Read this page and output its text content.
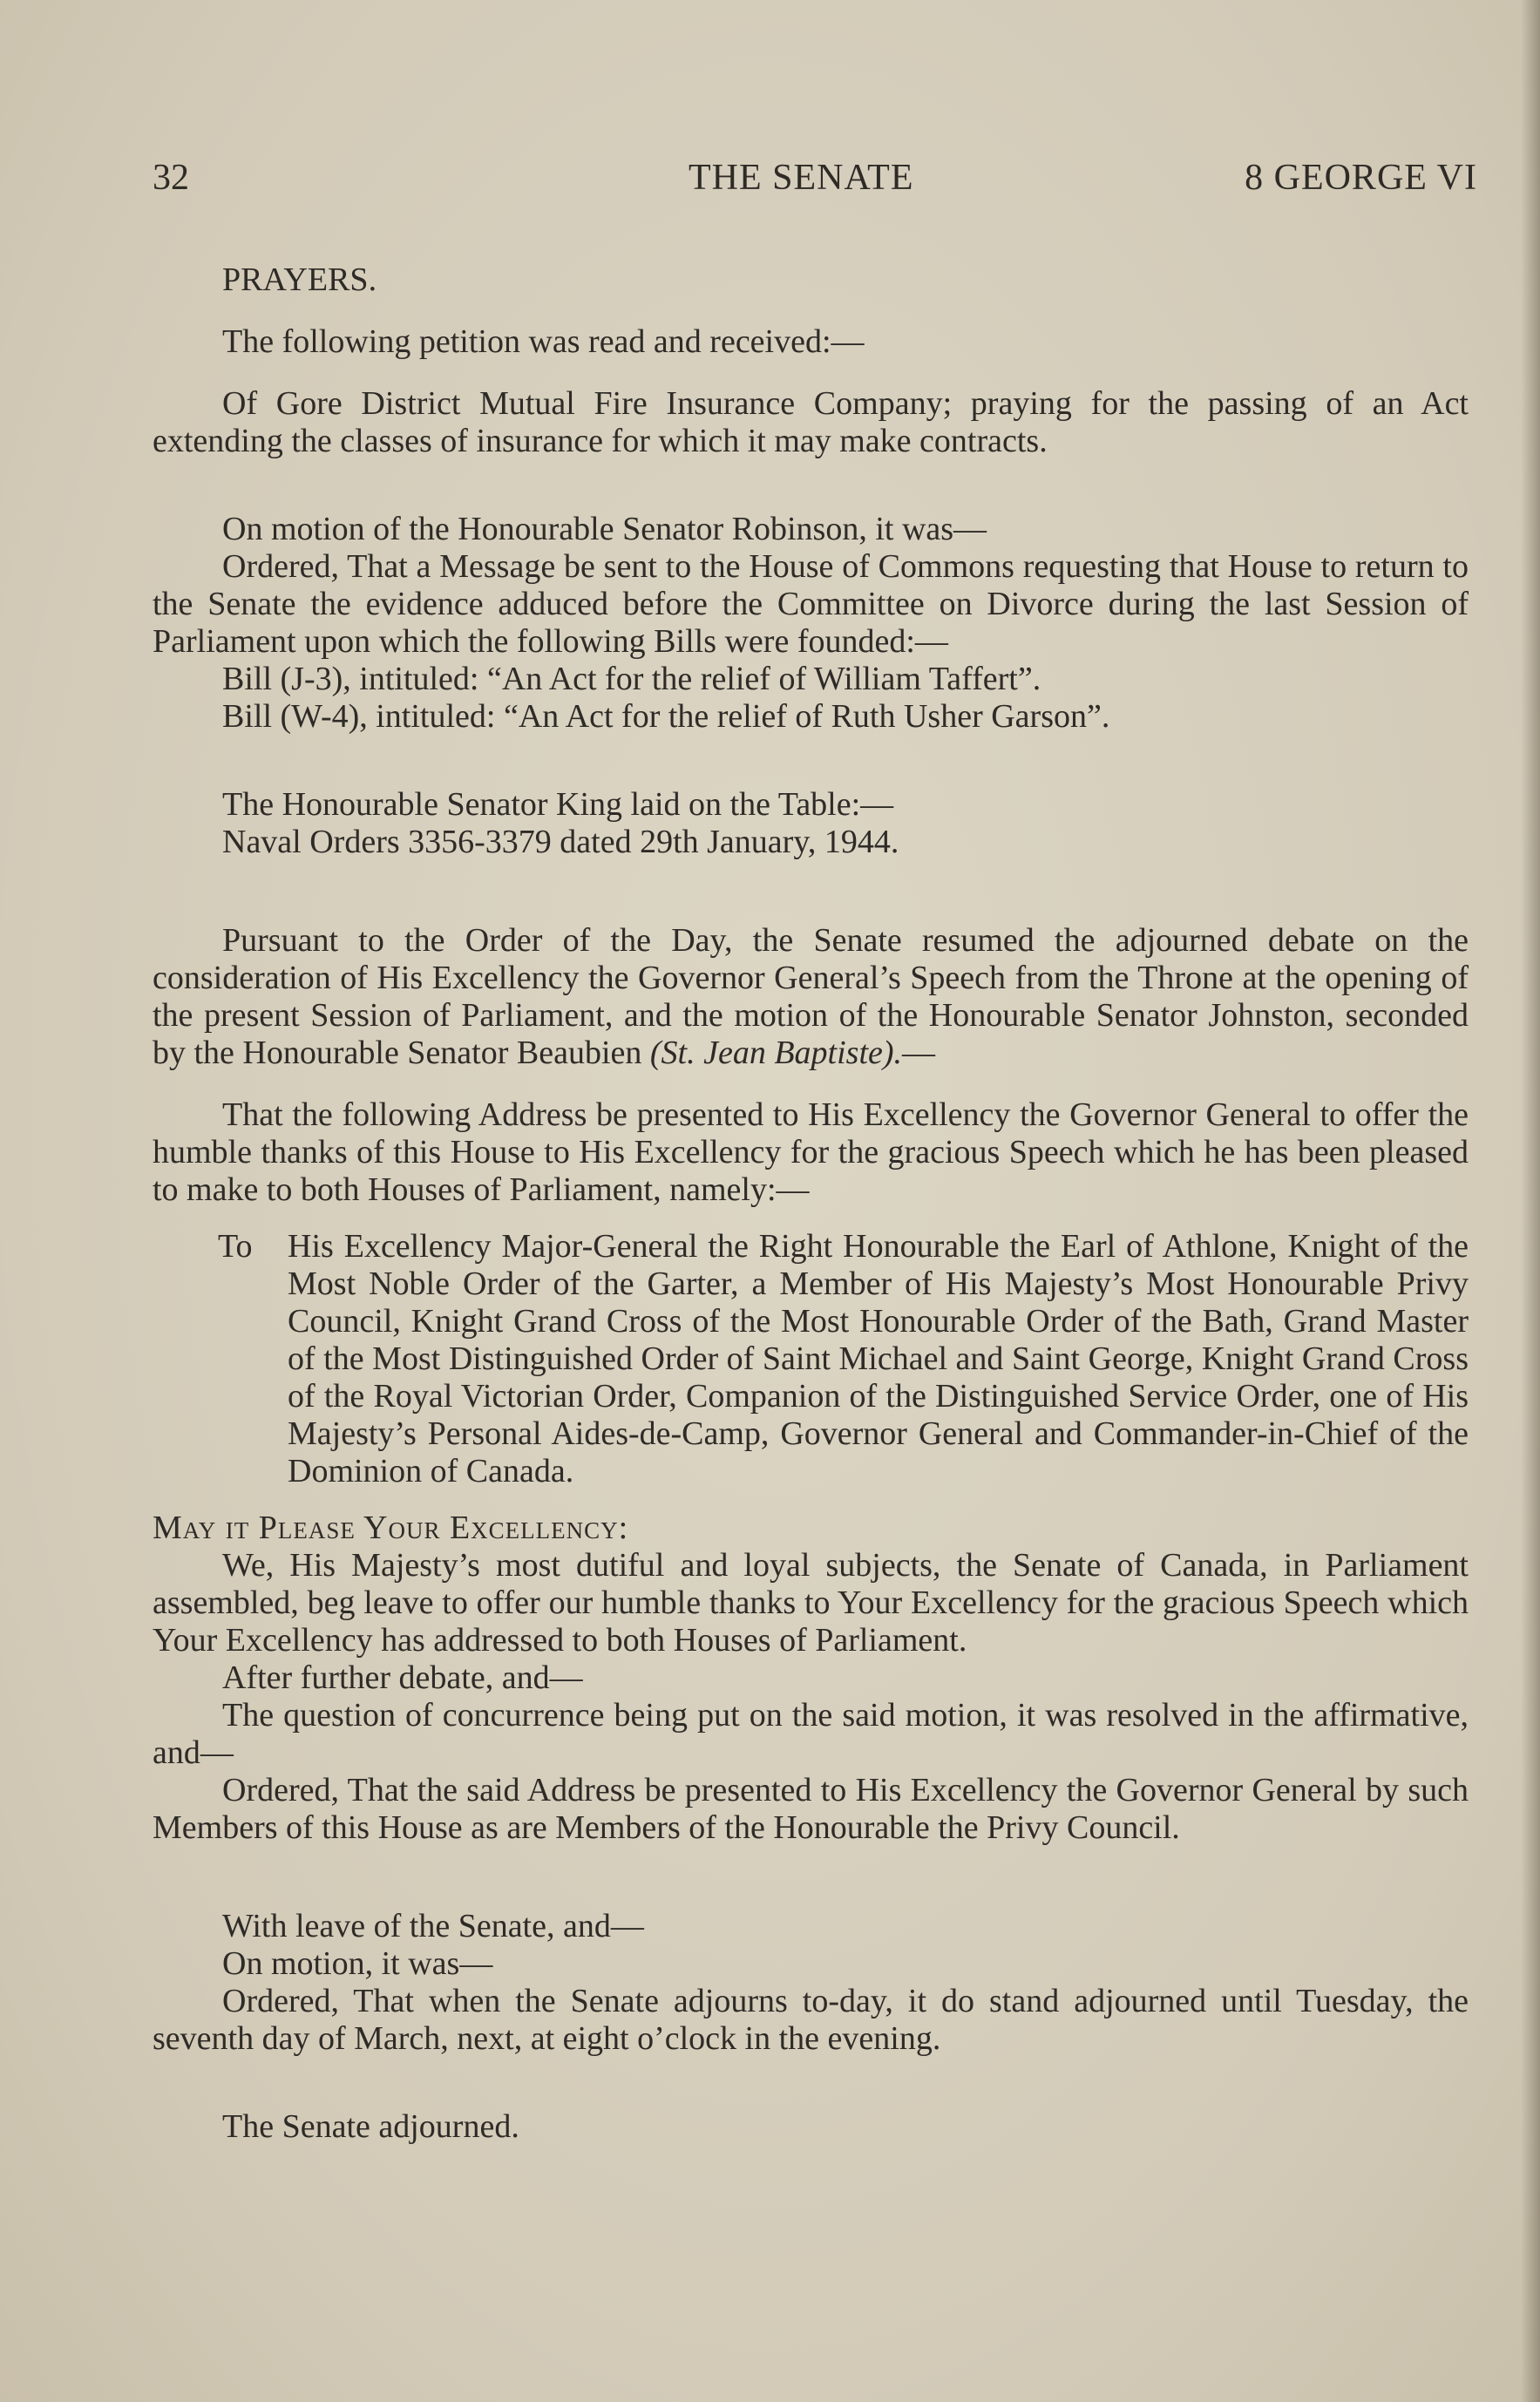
32	THE SENATE	8 GEORGE VI

PRAYERS.

The following petition was read and received:—

Of Gore District Mutual Fire Insurance Company; praying for the passing of an Act extending the classes of insurance for which it may make contracts.

On motion of the Honourable Senator Robinson, it was—

Ordered, That a Message be sent to the House of Commons requesting that House to return to the Senate the evidence adduced before the Committee on Divorce during the last Session of Parliament upon which the following Bills were founded:—

Bill (J-3), intituled: “An Act for the relief of William Taffert”.

Bill (W-4), intituled: “An Act for the relief of Ruth Usher Garson”.

The Honourable Senator King laid on the Table:—

Naval Orders 3356-3379 dated 29th January, 1944.

Pursuant to the Order of the Day, the Senate resumed the adjourned debate on the consideration of His Excellency the Governor General’s Speech from the Throne at the opening of the present Session of Parliament, and the motion of the Honourable Senator Johnston, seconded by the Honourable Senator Beaubien (St. Jean Baptiste).—

That the following Address be presented to His Excellency the Governor General to offer the humble thanks of this House to His Excellency for the gracious Speech which he has been pleased to make to both Houses of Parliament, namely:—

To His Excellency Major-General the Right Honourable the Earl of Athlone, Knight of the Most Noble Order of the Garter, a Member of His Majesty’s Most Honourable Privy Council, Knight Grand Cross of the Most Honourable Order of the Bath, Grand Master of the Most Distinguished Order of Saint Michael and Saint George, Knight Grand Cross of the Royal Victorian Order, Companion of the Distinguished Service Order, one of His Majesty’s Personal Aides-de-Camp, Governor General and Commander-in-Chief of the Dominion of Canada.

May it Please Your Excellency:

We, His Majesty’s most dutiful and loyal subjects, the Senate of Canada, in Parliament assembled, beg leave to offer our humble thanks to Your Excellency for the gracious Speech which Your Excellency has addressed to both Houses of Parliament.

After further debate, and—

The question of concurrence being put on the said motion, it was resolved in the affirmative, and—

Ordered, That the said Address be presented to His Excellency the Governor General by such Members of this House as are Members of the Honourable the Privy Council.

With leave of the Senate, and—

On motion, it was—

Ordered, That when the Senate adjourns to-day, it do stand adjourned until Tuesday, the seventh day of March, next, at eight o’clock in the evening.

The Senate adjourned.
